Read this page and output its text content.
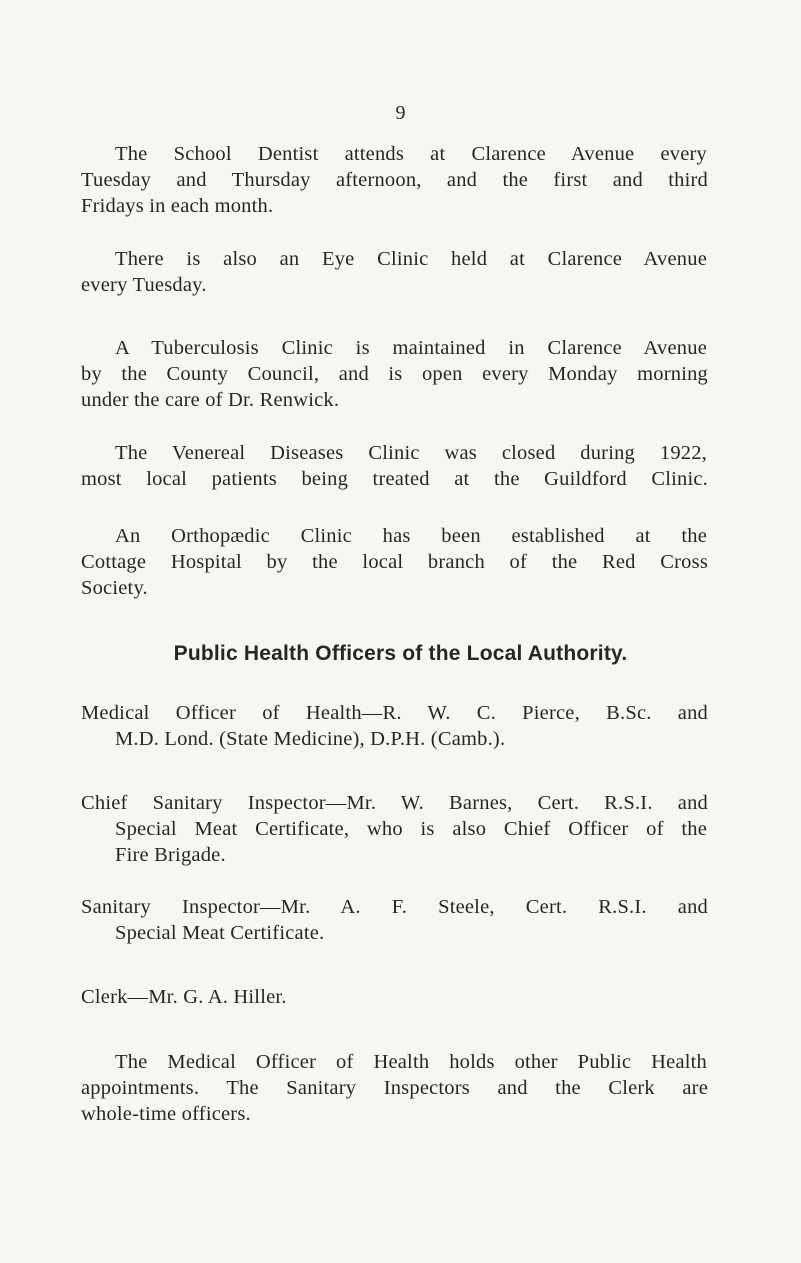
9
The School Dentist attends at Clarence Avenue every
Tuesday and Thursday afternoon, and the first and third
Fridays in each month.
There is also an Eye Clinic held at Clarence Avenue
every Tuesday.
A Tuberculosis Clinic is maintained in Clarence Avenue
by the County Council, and is open every Monday morning
under the care of Dr. Renwick.
The Venereal Diseases Clinic was closed during 1922,
most local patients being treated at the Guildford Clinic.
An Orthopædic Clinic has been established at the
Cottage Hospital by the local branch of the Red Cross
Society.
Public Health Officers of the Local Authority.
Medical Officer of Health—R. W. C. Pierce, B.Sc. and
M.D. Lond. (State Medicine), D.P.H. (Camb.).
Chief Sanitary Inspector—Mr. W. Barnes, Cert. R.S.I. and
Special Meat Certificate, who is also Chief Officer of the
Fire Brigade.
Sanitary Inspector—Mr. A. F. Steele, Cert. R.S.I. and
Special Meat Certificate.
Clerk—Mr. G. A. Hiller.
The Medical Officer of Health holds other Public Health
appointments. The Sanitary Inspectors and the Clerk are
whole-time officers.
